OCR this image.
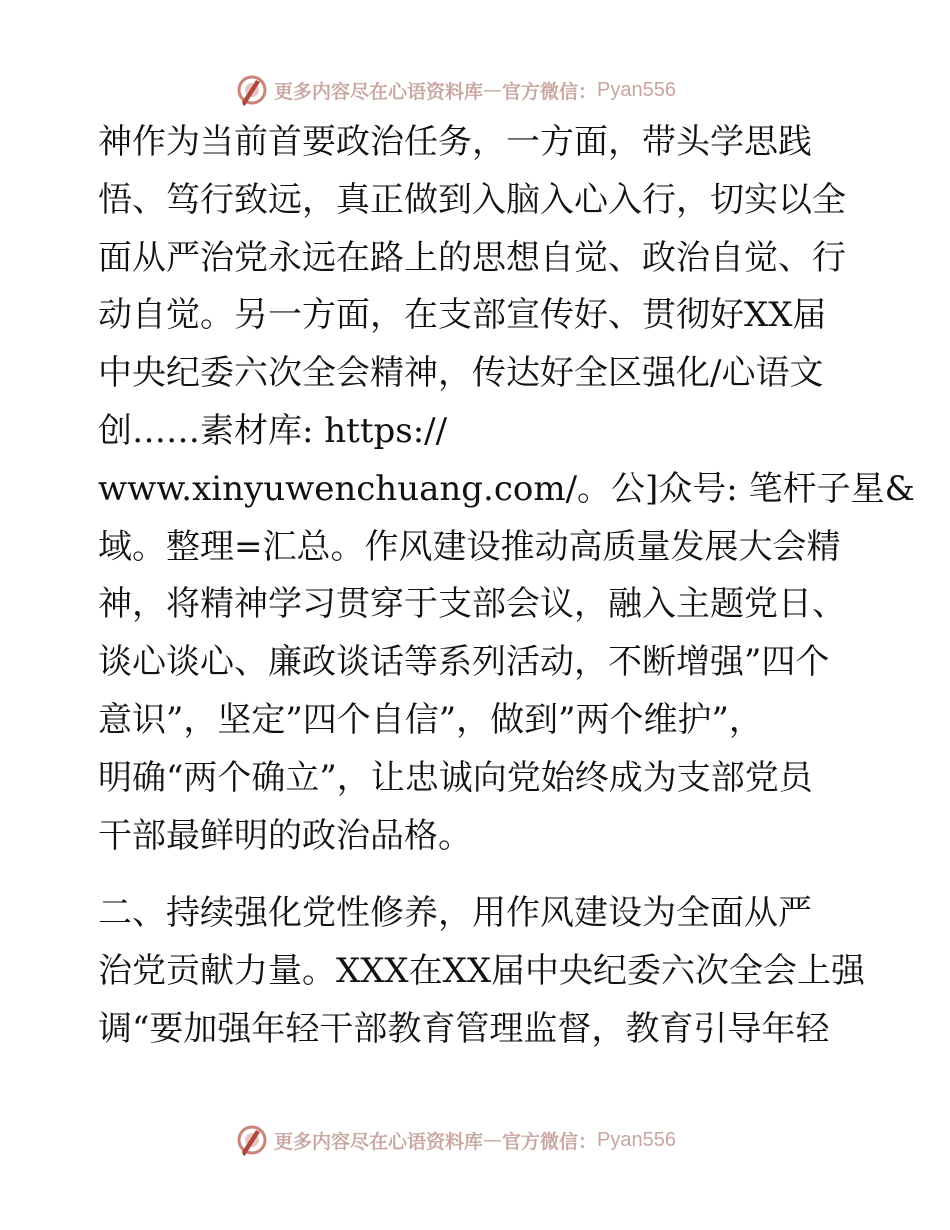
更多内容尽在心语资料库 — 官方微信： Pyan556
神作为当前首要政治任务，一方面，带头学思践
悟、笃行致远，真正做到入脑入心入行，切实以全
面从严治党永远在路上的思想自觉、政治自觉、行
动自觉。另一方面，在支部宣传好、贯彻好XX届
中央纪委六次全会精神，传达好全区强化/心语文
创……素材库: https://
www.xinyuwenchuang.com/。公]众号: 笔杆子星&
域。整理=汇总。作风建设推动高质量发展大会精
神，将精神学习贯穿于支部会议，融入主题党日、
谈心谈心、廉政谈话等系列活动，不断增强”四个
意识”，坚定”四个自信”，做到”两个维护”，
明确“两个确立”，让忠诚向党始终成为支部党员
干部最鲜明的政治品格。
二、持续强化党性修养，用作风建设为全面从严
治党贡献力量。XXX在XX届中央纪委六次全会上强
调“要加强年轻干部教育管理监督，教育引导年轻
更多内容尽在心语资料库 — 官方微信： Pyan556
